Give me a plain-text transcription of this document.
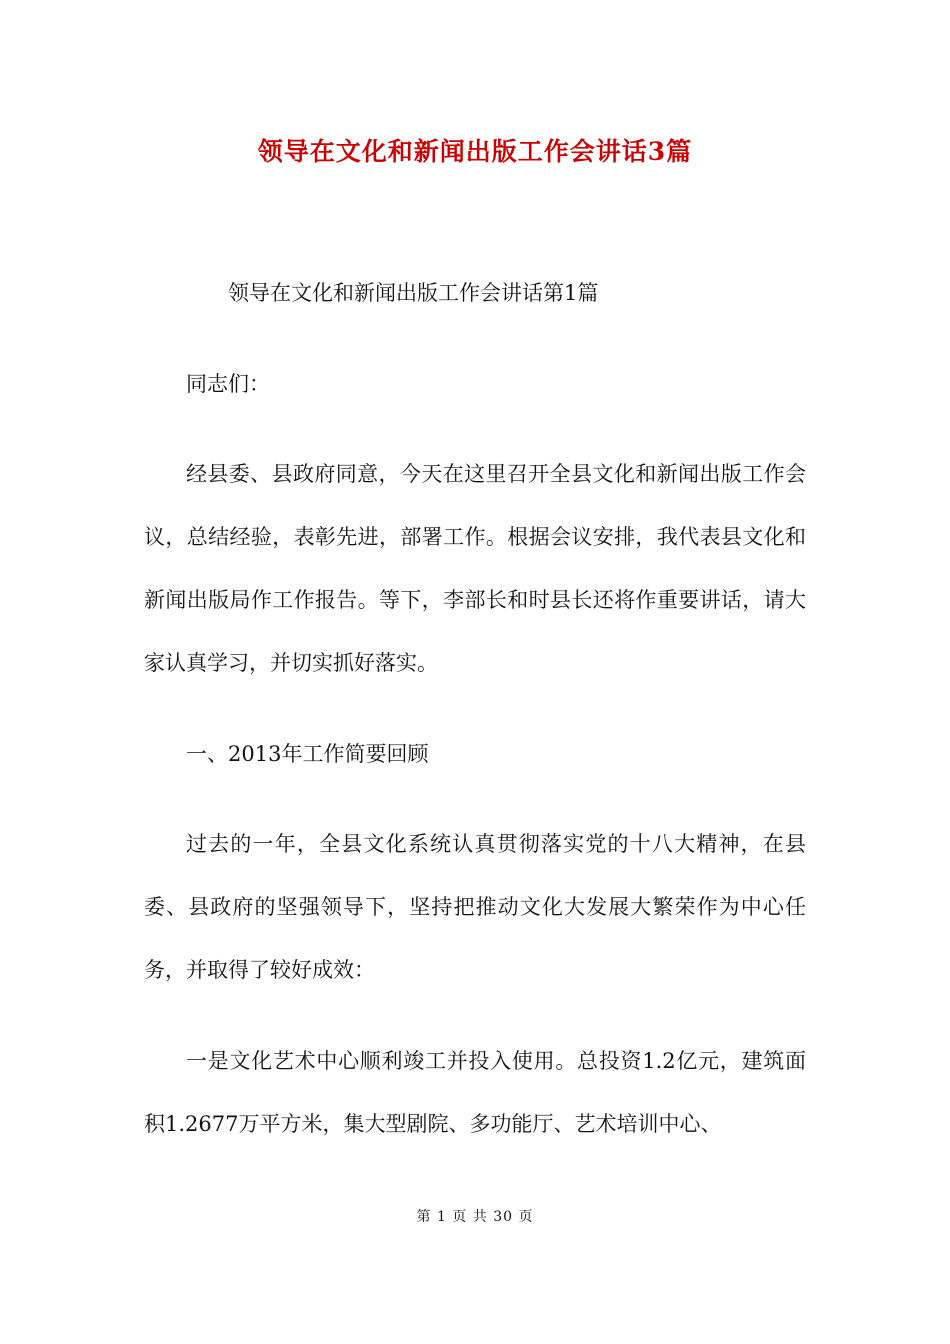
领导在文化和新闻出版工作会讲话3篇

领导在文化和新闻出版工作会讲话第1篇

同志们：

经县委、县政府同意，今天在这里召开全县文化和新闻出版工作会议，总结经验，表彰先进，部署工作。根据会议安排，我代表县文化和新闻出版局作工作报告。等下，李部长和时县长还将作重要讲话，请大家认真学习，并切实抓好落实。

一、2013年工作简要回顾

过去的一年，全县文化系统认真贯彻落实党的十八大精神，在县委、县政府的坚强领导下，坚持把推动文化大发展大繁荣作为中心任务，并取得了较好成效：

一是文化艺术中心顺利竣工并投入使用。总投资1.2亿元，建筑面积1.2677万平方米，集大型剧院、多功能厅、艺术培训中心、

第 1 页 共 30 页
